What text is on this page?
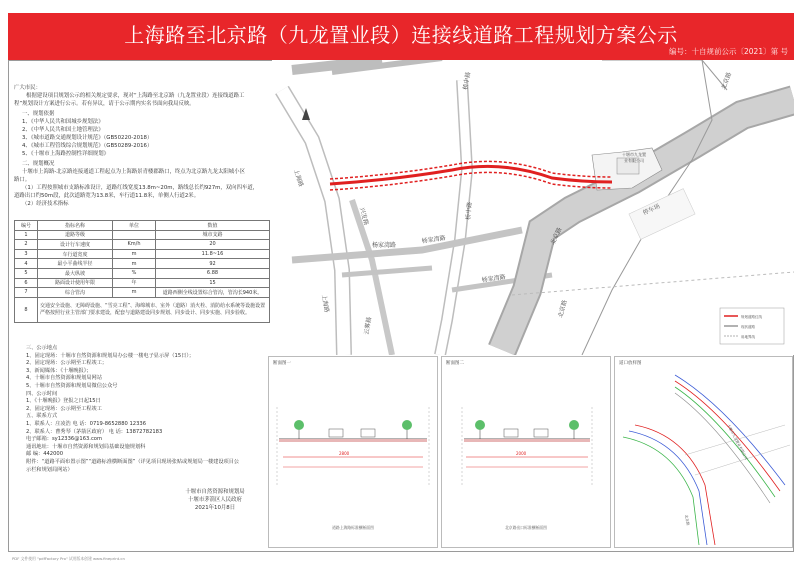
上海路至北京路（九龙置业段）连接线道路工程规划方案公示
编号：十自规前公示〔2021〕第 号

广大市民：

根据建设项目规划公示的相关规定要求，现对“上海路至北京路（九龙置业段）连接线道路工

程”规划设计方案进行公示。若有异议，请于公示期内实名书面向我局反映。

一、规划依据

1、《中华人民共和国城乡规划法》

2、《中华人民共和国土地管理法》

3、《城市道路交通规划设计规范》（GB50220-2018）

4、《城市工程管线综合规划规范》（GB50289-2016）

5、《十堰市上海路控制性详细规划》

二、规划概况

十堰市上海路-北京路连接通道工程起点为上海路景青楼郡路口，终点为北京路九龙太阳城小区

路口。

（1）工程按照城市支路标准设计，道路红线宽度13.8m~20m，路线总长约927m，双向四车道，

道路出口约50m段，此次道路宽为13.8米，车行道11.8米，单侧人行道2米。

（2）经济技术指标

编号	指标名称	单位	数值
1	道路等级		城市支路
2	设计行车速度	Km/h	20
3	车行道宽度	m	11.8~16
4	最小平曲线半径	m	92
5	最大纵坡	%	6.88
6	路面设计使用年限	年	15
7	综合管沟	m	道路西侧全线设置综合管沟，管沟长940米。
8	交通安全设施、无障碍设施、“雪亮工程”、海绵城市、室外（道路）消火栓、消防给水系统等设施设置严格按照行业主管部门要求建设，配套与道路建设同步规划、同步设计、同步实施、同步验收。		

三、公示地点

1、固定现场：十堰市自然资源和规划局办公楼一楼电子显示屏（15日）；

2、固定现场：公示期至工程竣工；

3、新闻媒体：《十堰晚报》；

4、十堰市自然资源和规划局网站

5、十堰市自然资源和规划局微信公众号

四、公示时间

1、《十堰晚报》登报之日起15日

2、固定现场：公示期至工程竣工

五、联系方式

1、联系人：庄凌浩 电 话：0719-8652880 12336

2、联系人：曹秀琴（茅箭区政府） 电 话：13872782183

电子邮箱：sy12336@163.com

通讯地址：十堰市自然资源和规划局基础设施规划科

邮 编：442000

附件：“道路平面布置示图”“道路标准横断面图”（详见项目现场张贴或规划局一楼建设项目公

示栏和规划局网站）

十堰市自然资源和规划局

十堰市茅箭区人民政府

2021年10月8日

上海路
上海路
桥中路
桥中路
兴发路
杨家湾路
杨家湾路
杨家湾路
北京路
北京路
北京路
云雾路
十堰市九龙置
业有限公司
停车场
规划道路红线
现状道路
用地界线
断面图一
2800
道路上海路标准横断面图
断面图二
2000
北京路出口标准横断面图
道口放样图
十堰市九龙置业有限公司
北京路
PDF 文件使用 "pdfFactory Pro" 试用版本创建 www.fineprint.cn
